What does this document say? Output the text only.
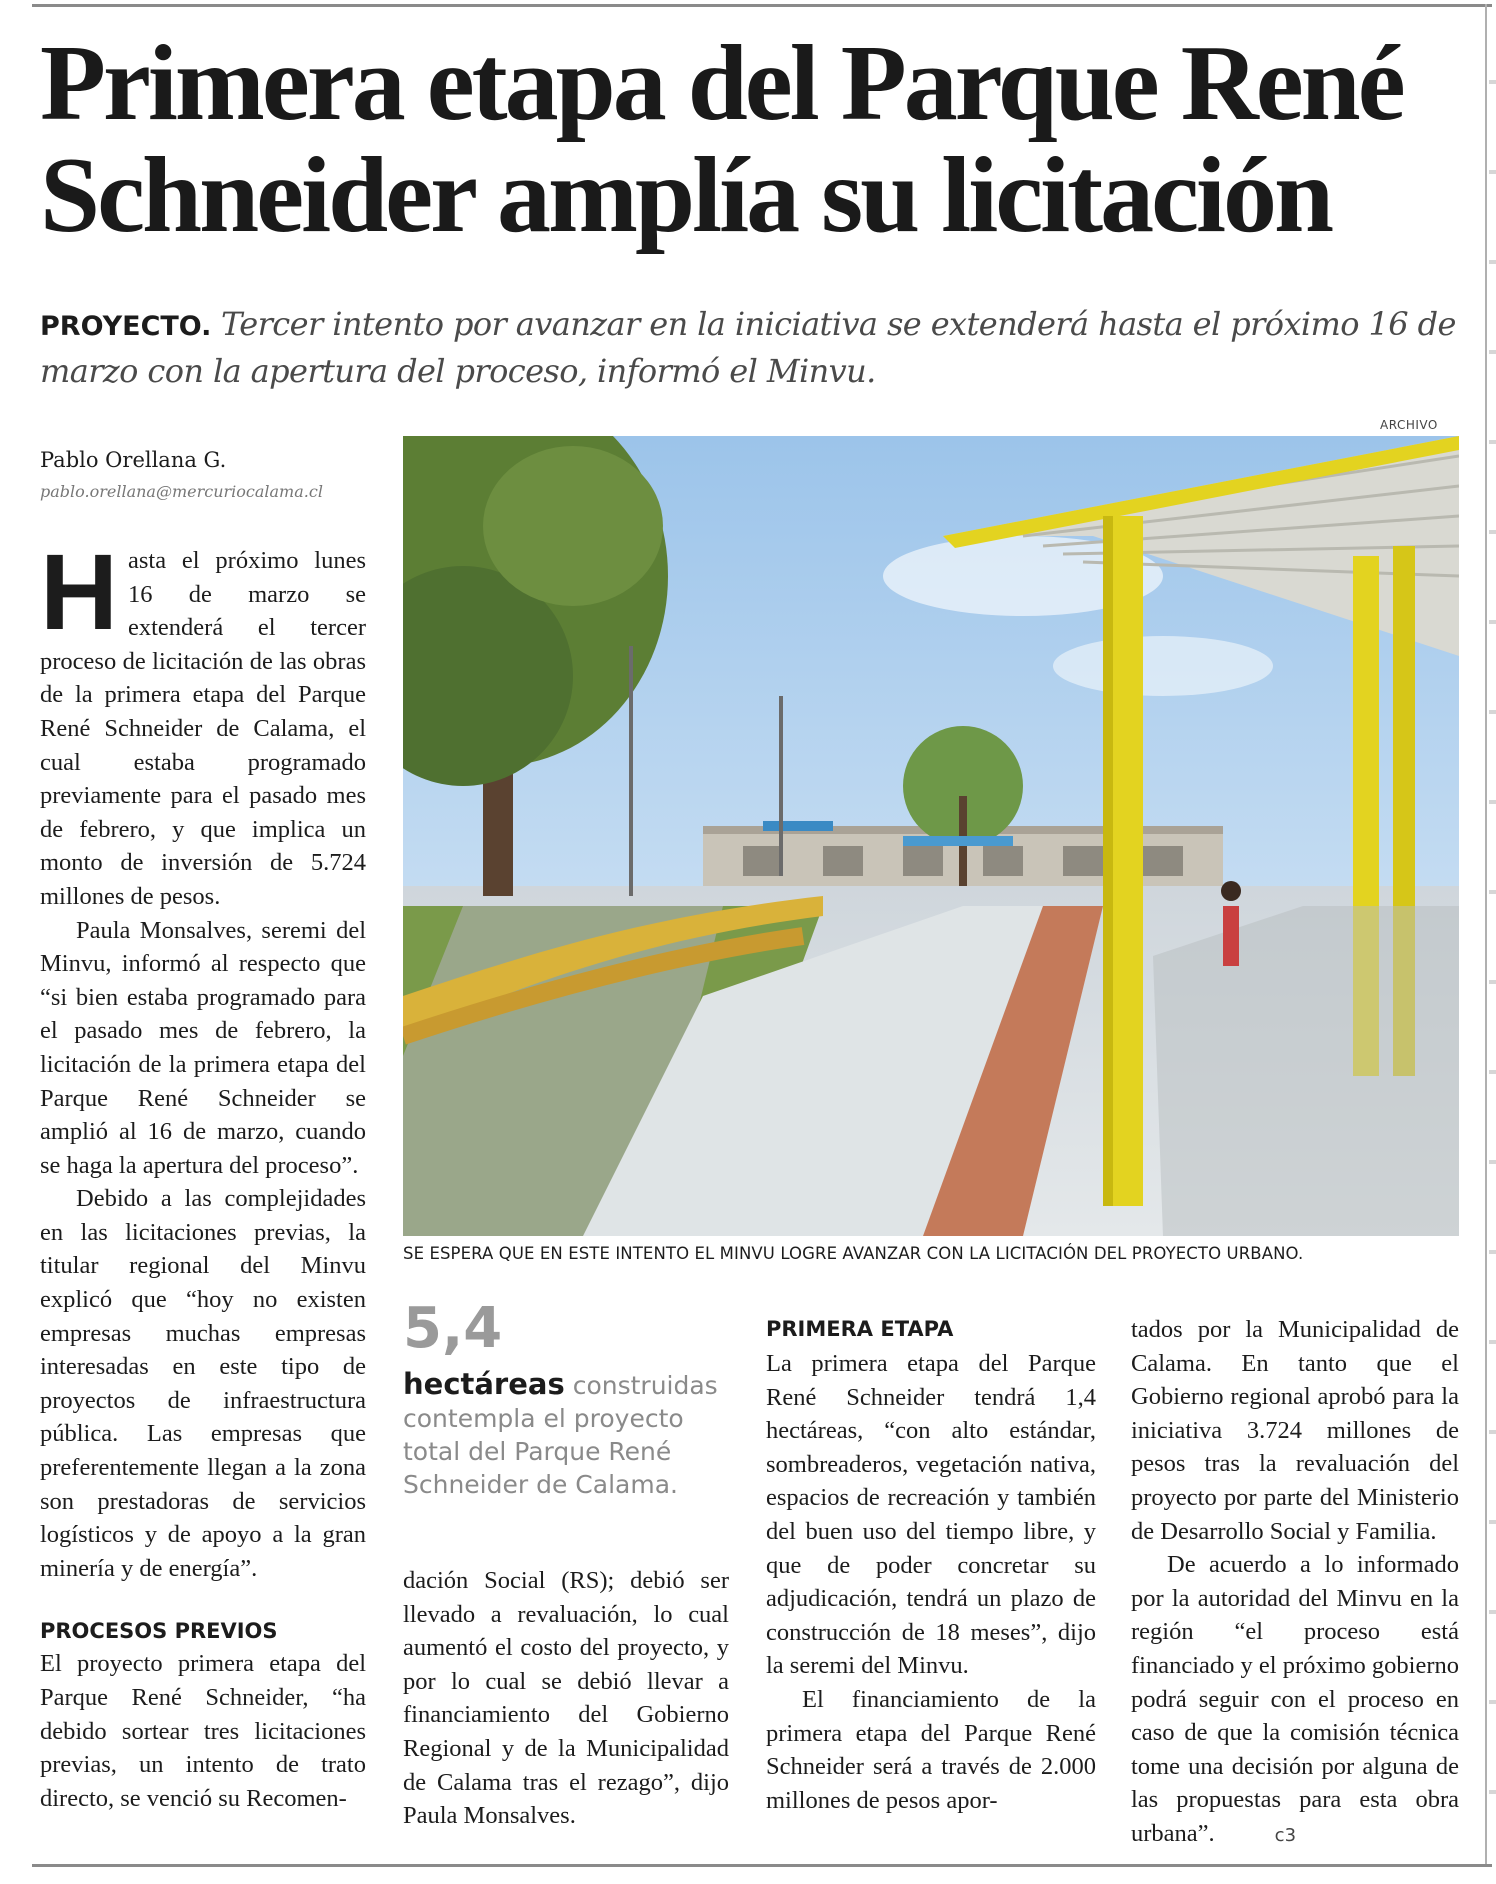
Primera etapa del Parque René Schneider amplía su licitación

PROYECTO. Tercer intento por avanzar en la iniciativa se extenderá hasta el próximo 16 de marzo con la apertura del proceso, informó el Minvu.

Pablo Orellana G.

pablo.orellana@mercuriocalama.cl

Hasta el próximo lunes 16 de marzo se extenderá el tercer proceso de licitación de las obras de la primera etapa del Parque René Schneider de Calama, el cual estaba programado previamente para el pasado mes de febrero, y que implica un monto de inversión de 5.724 millones de pesos.

Paula Monsalves, seremi del Minvu, informó al respecto que “si bien estaba programado para el pasado mes de febrero, la licitación de la primera etapa del Parque René Schneider se amplió al 16 de marzo, cuando se haga la apertura del proceso”.

Debido a las complejidades en las licitaciones previas, la titular regional del Minvu explicó que “hoy no existen empresas muchas empresas interesadas en este tipo de proyectos de infraestructura pública. Las empresas que preferentemente llegan a la zona son prestadoras de servicios logísticos y de apoyo a la gran minería y de energía”.

PROCESOS PREVIOS

El proyecto primera etapa del Parque René Schneider, “ha debido sortear tres licitaciones previas, un intento de trato directo, se venció su Recomen-

ARCHIVO

SE ESPERA QUE EN ESTE INTENTO EL MINVU LOGRE AVANZAR CON LA LICITACIÓN DEL PROYECTO URBANO.

5,4

hectáreas construidas contempla el proyecto total del Parque René Schneider de Calama.

dación Social (RS); debió ser llevado a revaluación, lo cual aumentó el costo del proyecto, y por lo cual se debió llevar a financiamiento del Gobierno Regional y de la Municipalidad de Calama tras el rezago”, dijo Paula Monsalves.

PRIMERA ETAPA

La primera etapa del Parque René Schneider tendrá 1,4 hectáreas, “con alto estándar, sombreaderos, vegetación nativa, espacios de recreación y también del buen uso del tiempo libre, y que de poder concretar su adjudicación, tendrá un plazo de construcción de 18 meses”, dijo la seremi del Minvu.

El financiamiento de la primera etapa del Parque René Schneider será a través de 2.000 millones de pesos apor-

tados por la Municipalidad de Calama. En tanto que el Gobierno regional aprobó para la iniciativa 3.724 millones de pesos tras la revaluación del proyecto por parte del Ministerio de Desarrollo Social y Familia.

De acuerdo a lo informado por la autoridad del Minvu en la región “el proceso está financiado y el próximo gobierno podrá seguir con el proceso en caso de que la comisión técnica tome una decisión por alguna de las propuestas para esta obra urbana”.	c3
